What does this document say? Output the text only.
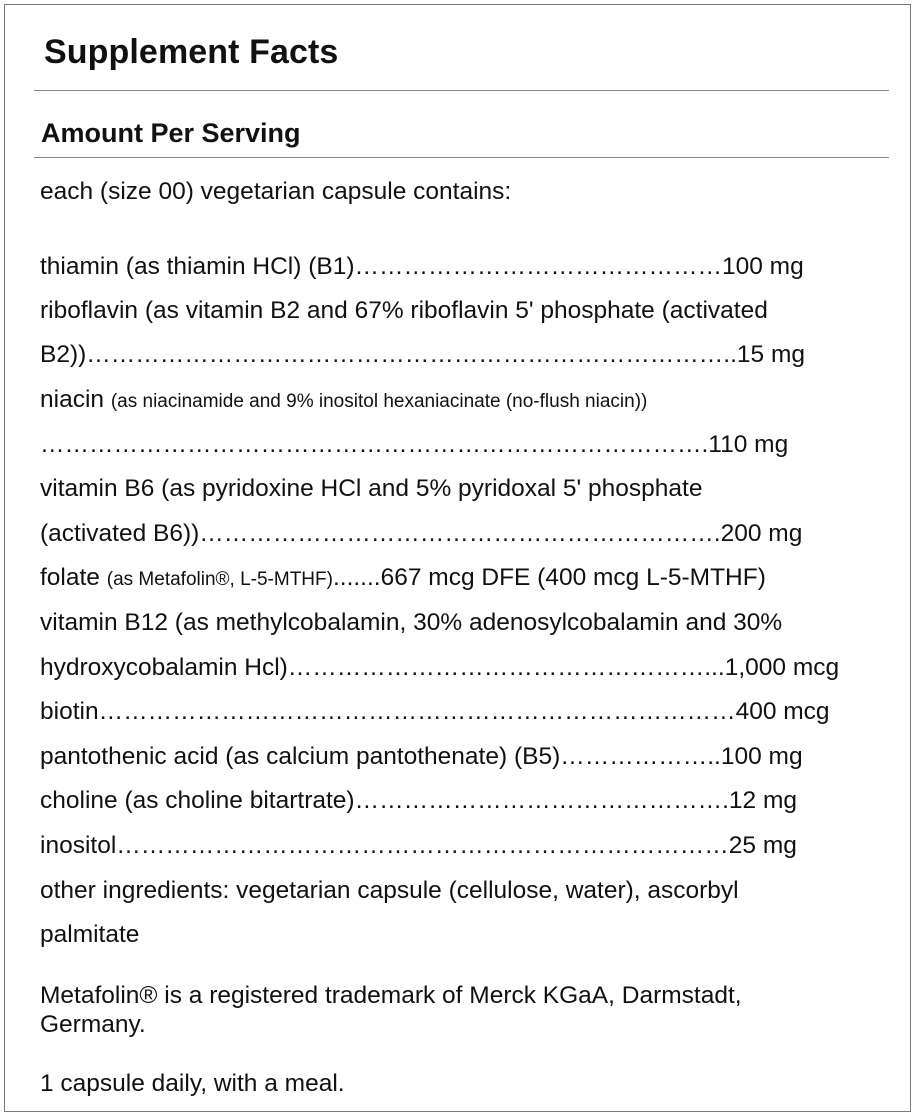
Supplement Facts
Amount Per Serving
each (size 00) vegetarian capsule contains:
thiamin (as thiamin HCl) (B1)………………………………………100 mg
riboflavin (as vitamin B2 and 67% riboflavin 5' phosphate (activated
B2))……………………………………………………………………..15 mg
niacin (as niacinamide and 9% inositol hexaniacinate (no-flush niacin))
……………………………………………………………………….110 mg
vitamin B6 (as pyridoxine HCl and 5% pyridoxal 5' phosphate
(activated B6))……………………………………………………….200 mg
folate (as Metafolin®, L-5-MTHF).......667 mcg DFE (400 mcg L-5-MTHF)
vitamin B12 (as methylcobalamin, 30% adenosylcobalamin and 30%
hydroxycobalamin Hcl)……………………………………………...1,000 mcg
biotin……………………………………………………………………400 mcg
pantothenic acid (as calcium pantothenate) (B5)………………..100 mg
choline (as choline bitartrate)……………………………………….12 mg
inositol…………………………………………………………………25 mg
other ingredients: vegetarian capsule (cellulose, water), ascorbyl
palmitate
Metafolin® is a registered trademark of Merck KGaA, Darmstadt,
Germany.
1 capsule daily, with a meal.
